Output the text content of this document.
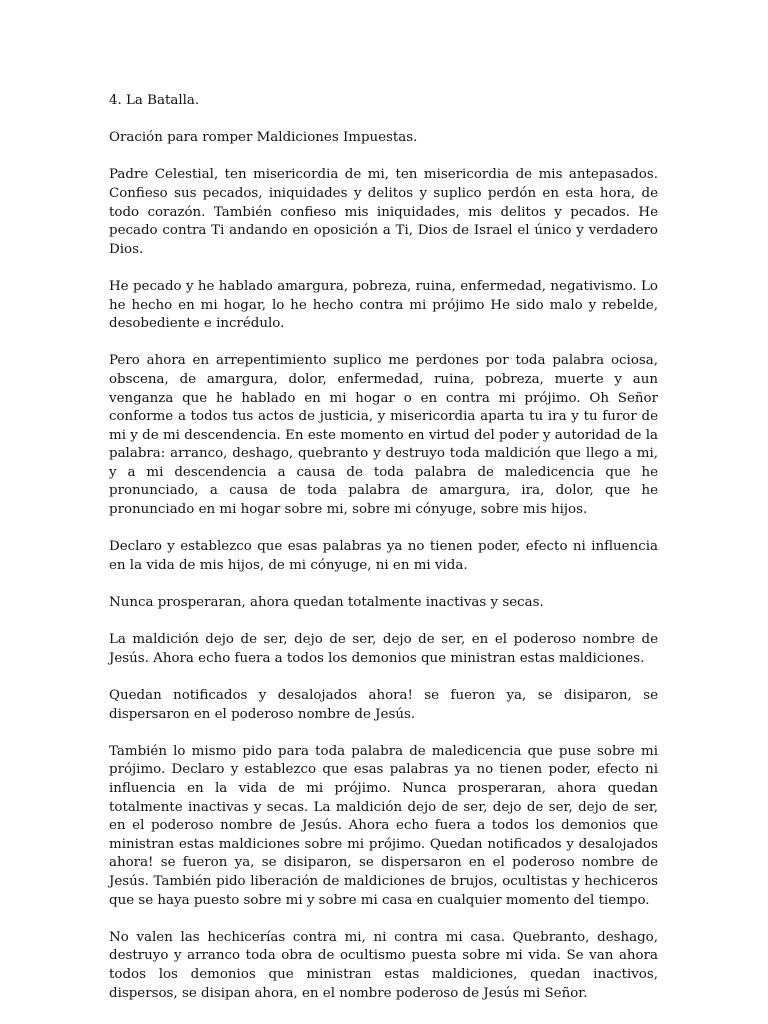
4. La Batalla.

Oración para romper Maldiciones Impuestas.

Padre Celestial, ten misericordia de mi, ten misericordia de mis antepasados. Confieso sus pecados, iniquidades y delitos y suplico perdón en esta hora, de todo corazón. También confieso mis iniquidades, mis delitos y pecados. He pecado contra Ti andando en oposición a Ti, Dios de Israel el único y verdadero Dios.

He pecado y he hablado amargura, pobreza, ruina, enfermedad, negativismo. Lo he hecho en mi hogar, lo he hecho contra mi prójimo He sido malo y rebelde, desobediente e incrédulo.

Pero ahora en arrepentimiento suplico me perdones por toda palabra ociosa, obscena, de amargura, dolor, enfermedad, ruina, pobreza, muerte y aun venganza que he hablado en mi hogar o en contra mi prójimo. Oh Señor conforme a todos tus actos de justicia, y misericordia aparta tu ira y tu furor de mi y de mi descendencia. En este momento en virtud del poder y autoridad de la palabra: arranco, deshago, quebranto y destruyo toda maldición que llego a mi, y a mi descendencia a causa de toda palabra de maledicencia que he pronunciado, a causa de toda palabra de amargura, ira, dolor, que he pronunciado en mi hogar sobre mi, sobre mi cónyuge, sobre mis hijos.

Declaro y establezco que esas palabras ya no tienen poder, efecto ni influencia en la vida de mis hijos, de mi cónyuge, ni en mi vida.

Nunca prosperaran, ahora quedan totalmente inactivas y secas.

La maldición dejo de ser, dejo de ser, dejo de ser, en el poderoso nombre de Jesús. Ahora echo fuera a todos los demonios que ministran estas maldiciones.

Quedan notificados y desalojados ahora! se fueron ya, se disiparon, se dispersaron en el poderoso nombre de Jesús.

También lo mismo pido para toda palabra de maledicencia que puse sobre mi prójimo. Declaro y establezco que esas palabras ya no tienen poder, efecto ni influencia en la vida de mi prójimo. Nunca prosperaran, ahora quedan totalmente inactivas y secas. La maldición dejo de ser, dejo de ser, dejo de ser, en el poderoso nombre de Jesús. Ahora echo fuera a todos los demonios que ministran estas maldiciones sobre mi prójimo. Quedan notificados y desalojados ahora! se fueron ya, se disiparon, se dispersaron en el poderoso nombre de Jesús. También pido liberación de maldiciones de brujos, ocultistas y hechiceros que se haya puesto sobre mi y sobre mi casa en cualquier momento del tiempo.

No valen las hechicerías contra mi, ni contra mi casa. Quebranto, deshago, destruyo y arranco toda obra de ocultismo puesta sobre mi vida. Se van ahora todos los demonios que ministran estas maldiciones, quedan inactivos, dispersos, se disipan ahora, en el nombre poderoso de Jesús mi Señor.
